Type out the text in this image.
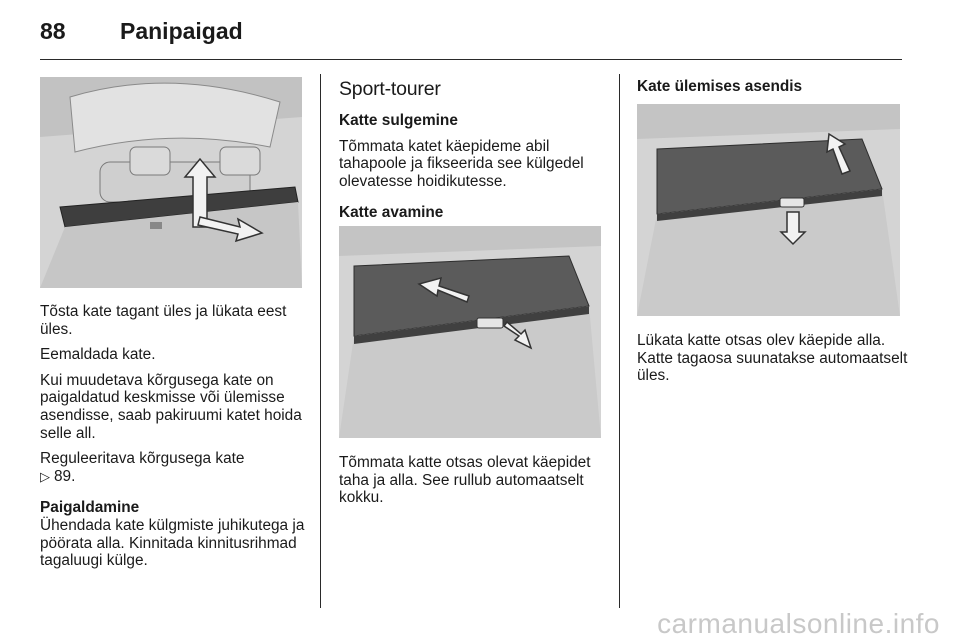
88 Panipaigad

Tõsta kate tagant üles ja lükata eest üles.

Eemaldada kate.

Kui muudetava kõrgusega kate on paigaldatud keskmisse või ülemisse asendisse, saab pakiruumi katet hoida selle all.

Reguleeritava kõrgusega kate
▷ 89.

Paigaldamine

Ühendada kate külgmiste juhikutega ja pöörata alla. Kinnitada kinnitusrihmad tagaluugi külge.

Sport-tourer

Katte sulgemine

Tõmmata katet käepideme abil tahapoole ja fikseerida see külgedel olevatesse hoidikutesse.

Katte avamine

Tõmmata katte otsas olevat käepidet taha ja alla. See rullub automaatselt kokku.

Kate ülemises asendis

Lükata katte otsas olev käepide alla. Katte tagaosa suunatakse automaatselt üles.

carmanualsonline.info
